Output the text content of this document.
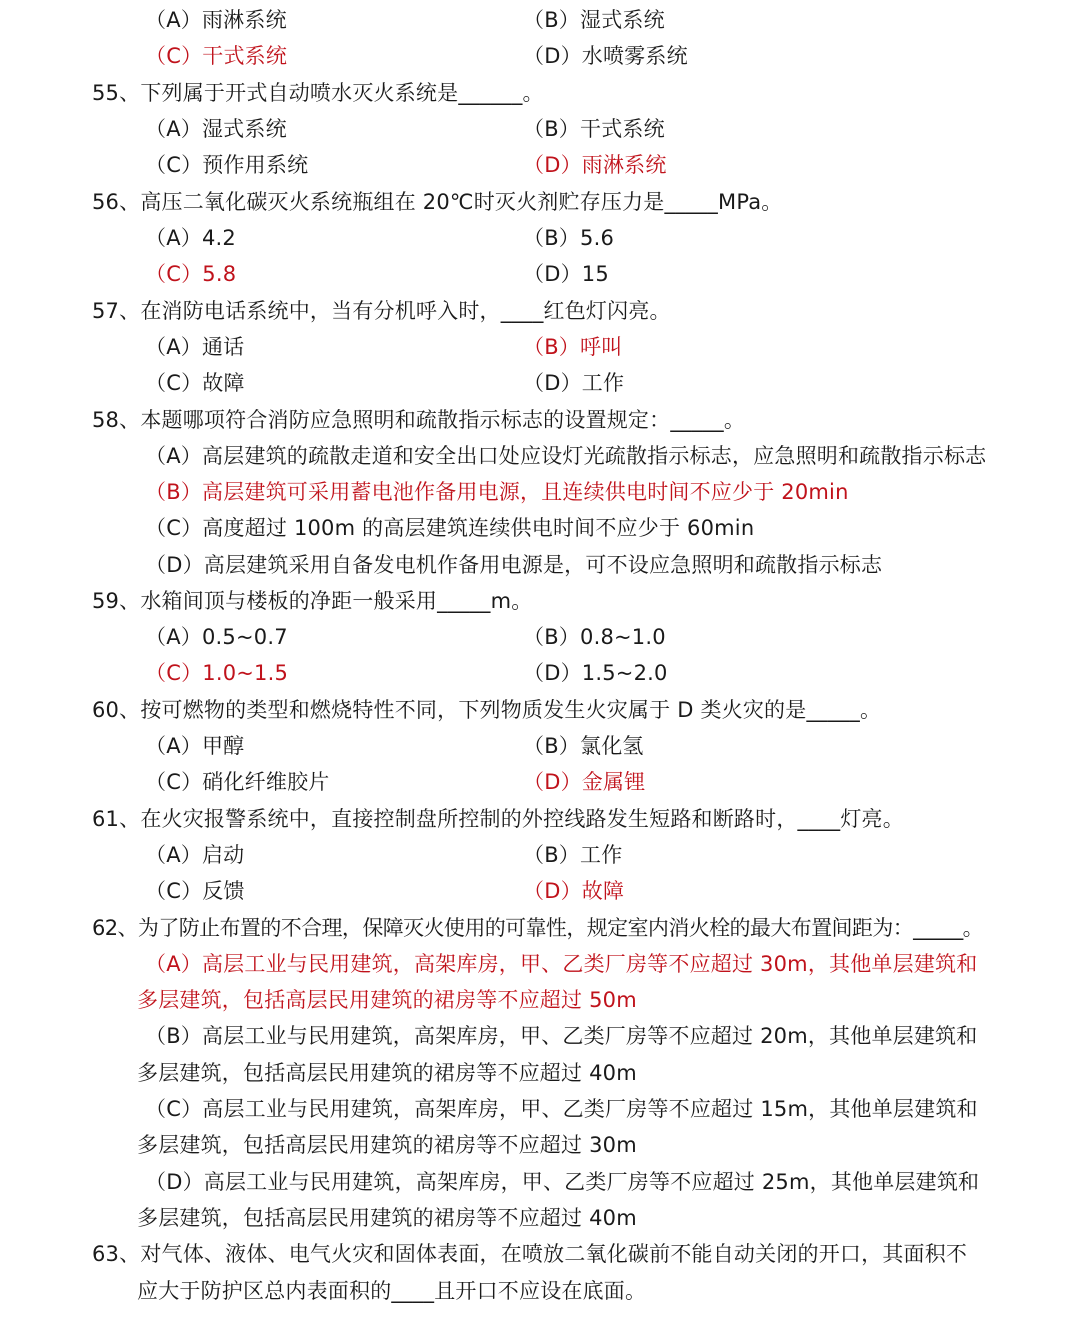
（A）雨淋系统	（B）湿式系统
（C）干式系统	（D）水喷雾系统
55、下列属于开式自动喷水灭火系统是______。
（A）湿式系统	（B）干式系统
（C）预作用系统	（D）雨淋系统
56、高压二氧化碳灭火系统瓶组在 20℃时灭火剂贮存压力是_____MPa。
（A）4.2	（B）5.6
（C）5.8	（D）15
57、在消防电话系统中，当有分机呼入时，____红色灯闪亮。
（A）通话	（B）呼叫
（C）故障	（D）工作
58、本题哪项符合消防应急照明和疏散指示标志的设置规定：_____。
（A）高层建筑的疏散走道和安全出口处应设灯光疏散指示标志，应急照明和疏散指示标志
（B）高层建筑可采用蓄电池作备用电源，且连续供电时间不应少于 20min
（C）高度超过 100m 的高层建筑连续供电时间不应少于 60min
（D）高层建筑采用自备发电机作备用电源是，可不设应急照明和疏散指示标志
59、水箱间顶与楼板的净距一般采用_____m。
（A）0.5~0.7	（B）0.8~1.0
（C）1.0~1.5	（D）1.5~2.0
60、按可燃物的类型和燃烧特性不同，下列物质发生火灾属于 D 类火灾的是_____。
（A）甲醇	（B）氯化氢
（C）硝化纤维胶片	（D）金属锂
61、在火灾报警系统中，直接控制盘所控制的外控线路发生短路和断路时，____灯亮。
（A）启动	（B）工作
（C）反馈	（D）故障
62、为了防止布置的不合理，保障灭火使用的可靠性，规定室内消火栓的最大布置间距为：_____。
（A）高层工业与民用建筑，高架库房，甲、乙类厂房等不应超过 30m，其他单层建筑和
多层建筑，包括高层民用建筑的裙房等不应超过 50m
（B）高层工业与民用建筑，高架库房，甲、乙类厂房等不应超过 20m，其他单层建筑和
多层建筑，包括高层民用建筑的裙房等不应超过 40m
（C）高层工业与民用建筑，高架库房，甲、乙类厂房等不应超过 15m，其他单层建筑和
多层建筑，包括高层民用建筑的裙房等不应超过 30m
（D）高层工业与民用建筑，高架库房，甲、乙类厂房等不应超过 25m，其他单层建筑和
多层建筑，包括高层民用建筑的裙房等不应超过 40m
63、对气体、液体、电气火灾和固体表面，在喷放二氧化碳前不能自动关闭的开口，其面积不
应大于防护区总内表面积的____且开口不应设在底面。
